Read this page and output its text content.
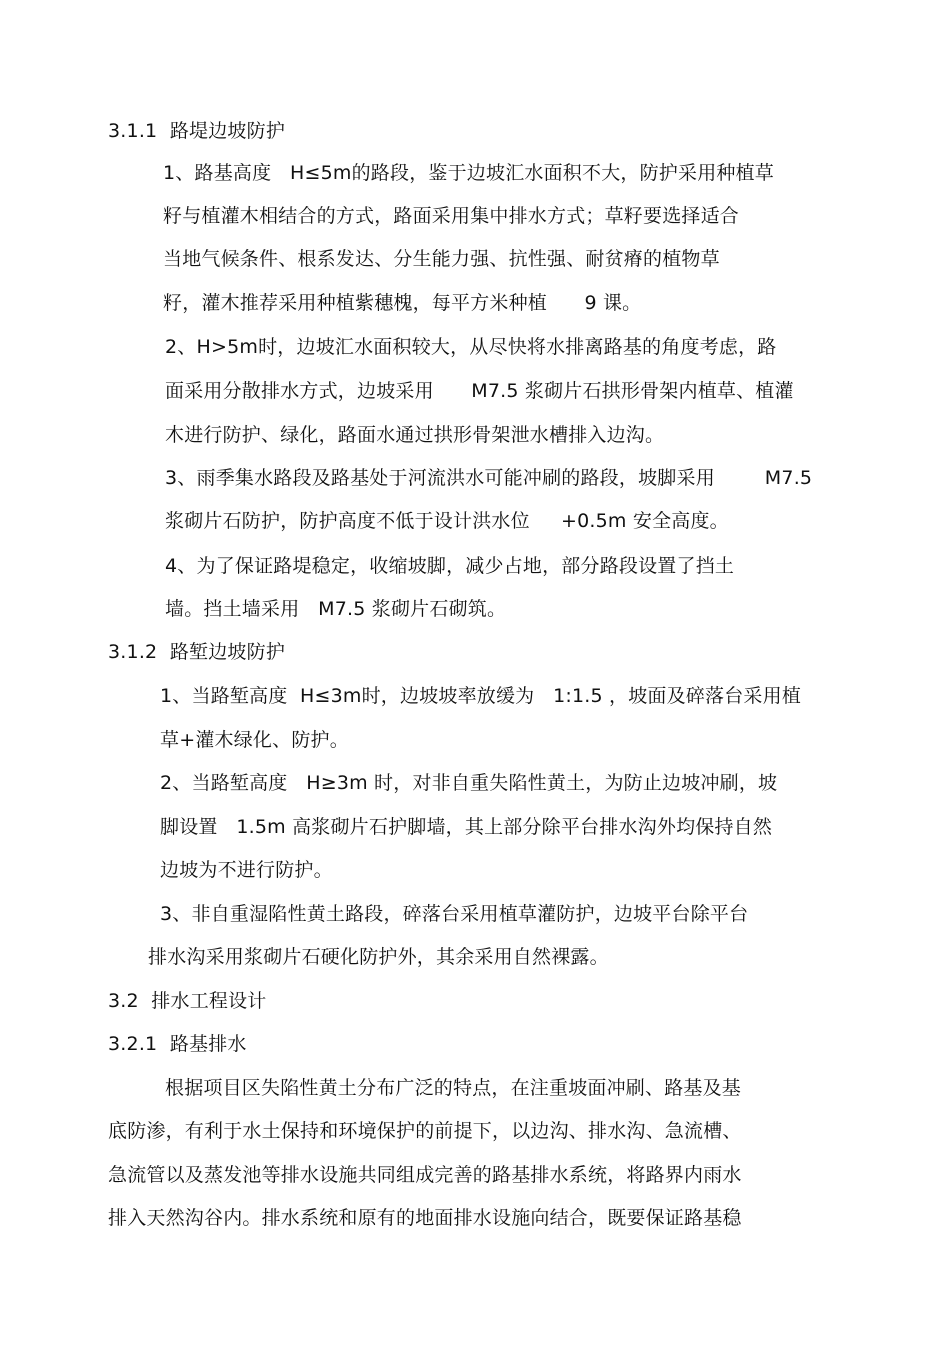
3.1.1  路堤边坡防护
1、路基高度   H≤5m的路段，鉴于边坡汇水面积不大，防护采用种植草
籽与植灌木相结合的方式，路面采用集中排水方式；草籽要选择适合
当地气候条件、根系发达、分生能力强、抗性强、耐贫瘠的植物草
籽，灌木推荐采用种植紫穗槐，每平方米种植      9 课。
2、H>5m时，边坡汇水面积较大，从尽快将水排离路基的角度考虑，路
面采用分散排水方式，边坡采用      M7.5 浆砌片石拱形骨架内植草、植灌
木进行防护、绿化，路面水通过拱形骨架泄水槽排入边沟。
3、雨季集水路段及路基处于河流洪水可能冲刷的路段，坡脚采用        M7.5
浆砌片石防护，防护高度不低于设计洪水位     +0.5m 安全高度。
4、为了保证路堤稳定，收缩坡脚，减少占地，部分路段设置了挡土
墙。挡土墙采用   M7.5 浆砌片石砌筑。
3.1.2  路堑边坡防护
1、当路堑高度  H≤3m时，边坡坡率放缓为   1:1.5 ，坡面及碎落台采用植
草+灌木绿化、防护。
2、当路堑高度   H≥3m 时，对非自重失陷性黄土，为防止边坡冲刷，坡
脚设置   1.5m 高浆砌片石护脚墙，其上部分除平台排水沟外均保持自然
边坡为不进行防护。
3、非自重湿陷性黄土路段，碎落台采用植草灌防护，边坡平台除平台
排水沟采用浆砌片石硬化防护外，其余采用自然裸露。
3.2  排水工程设计
3.2.1  路基排水
根据项目区失陷性黄土分布广泛的特点，在注重坡面冲刷、路基及基
底防渗，有利于水土保持和环境保护的前提下，以边沟、排水沟、急流槽、
急流管以及蒸发池等排水设施共同组成完善的路基排水系统，将路界内雨水
排入天然沟谷内。排水系统和原有的地面排水设施向结合，既要保证路基稳
